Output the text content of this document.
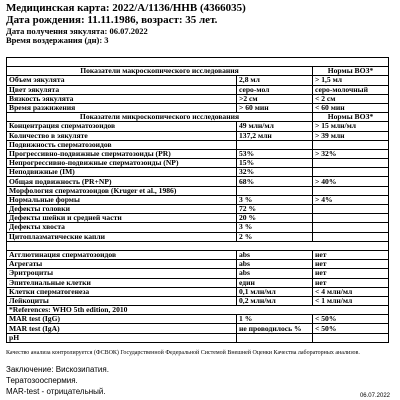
Медицинская карта: 2022/A/1136/HHB (4366035)
Дата рождения: 11.11.1986, возраст: 35 лет.
Дата получения эякулята: 06.07.2022
Время воздержания (дн): 3

Показатели макроскопического исследования		Нормы ВОЗ*
Объем эякулята	2,8 мл	> 1,5 мл
Цвет эякулята	серо-мол	серо-молочный
Вязкость эякулята	>2 см	< 2 см
Время разжижения	> 60 мин	< 60 мин
Показатели микроскопического исследования		Нормы ВОЗ*
Концентрация сперматозоидов	49 млн/мл	> 15 млн/мл
Количество в эякуляте	137,2 млн	> 39 млн
Подвижность сперматозоидов		
Прогрессивно-подвижные сперматозоиды (PR)	53%	> 32%
Непрогрессивно-подвижные сперматозоиды (NP)	15%	
Неподвижные (IM)	32%	
Общая подвижность (PR+NP)	68%	> 40%
Морфология сперматозоидов (Kruger et al., 1986)		
Нормальные формы	3 %	> 4%
Дефекты головки	72 %	
Дефекты шейки и средней части	20 %	
Дефекты хвоста	3 %	
Цитоплазматические капли	2 %	

Агглютинация сперматозоидов	abs	нет
Агрегаты	abs	нет
Эритроциты	abs	нет
Эпителиальные клетки	един	нет
Клетки сперматогенеза	0,1 млн/мл	< 4 млн/мл
Лейкоциты	0,2 млн/мл	< 1 млн/мл
*References: WHO 5th edition, 2010		
MAR test (IgG)	1 %	< 50%
MAR test (IgA)	не проводилось %	< 50%
pH		
Качество анализа контролируется (ФСВОК) Государственной Федеральной Системой Внешней Оценки Качества лабораторных анализов.
Заключение: Вискозипатия.
Тератозооспермия.
MAR-test - отрицательный.	06.07.2022
